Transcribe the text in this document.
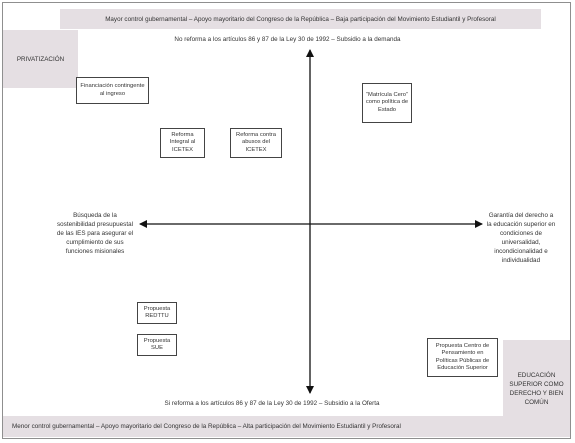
Mayor control gubernamental – Apoyo mayoritario del Congreso de la República – Baja participación del Movimiento Estudiantil y Profesoral
PRIVATIZACIÓN
Menor control gubernamental – Apoyo mayoritario del Congreso de la República – Alta participación del Movimiento Estudiantil y Profesoral
EDUCACIÓN SUPERIOR COMO DERECHO Y BIEN COMÚN
No reforma a los artículos 86 y 87 de la Ley 30 de 1992 – Subsidio a la demanda
Si reforma a los artículos 86 y 87 de la Ley 30 de 1992 – Subsidio a la Oferta
Búsqueda de la sostenibilidad presupuestal de las IES para asegurar el cumplimiento de sus funciones misionales
Garantía del derecho a la educación superior en condiciones de universalidad, incondicionalidad e individualidad
Financiación contingente al ingreso	“Matrícula Cero” como política de Estado
Reforma Integral al ICETEX
Reforma contra abusos del ICETEX
Propuesta REDTTU
Propuesta SUE	Propuesta Centro de Pensamiento en Políticas Públicas de Educación Superior
